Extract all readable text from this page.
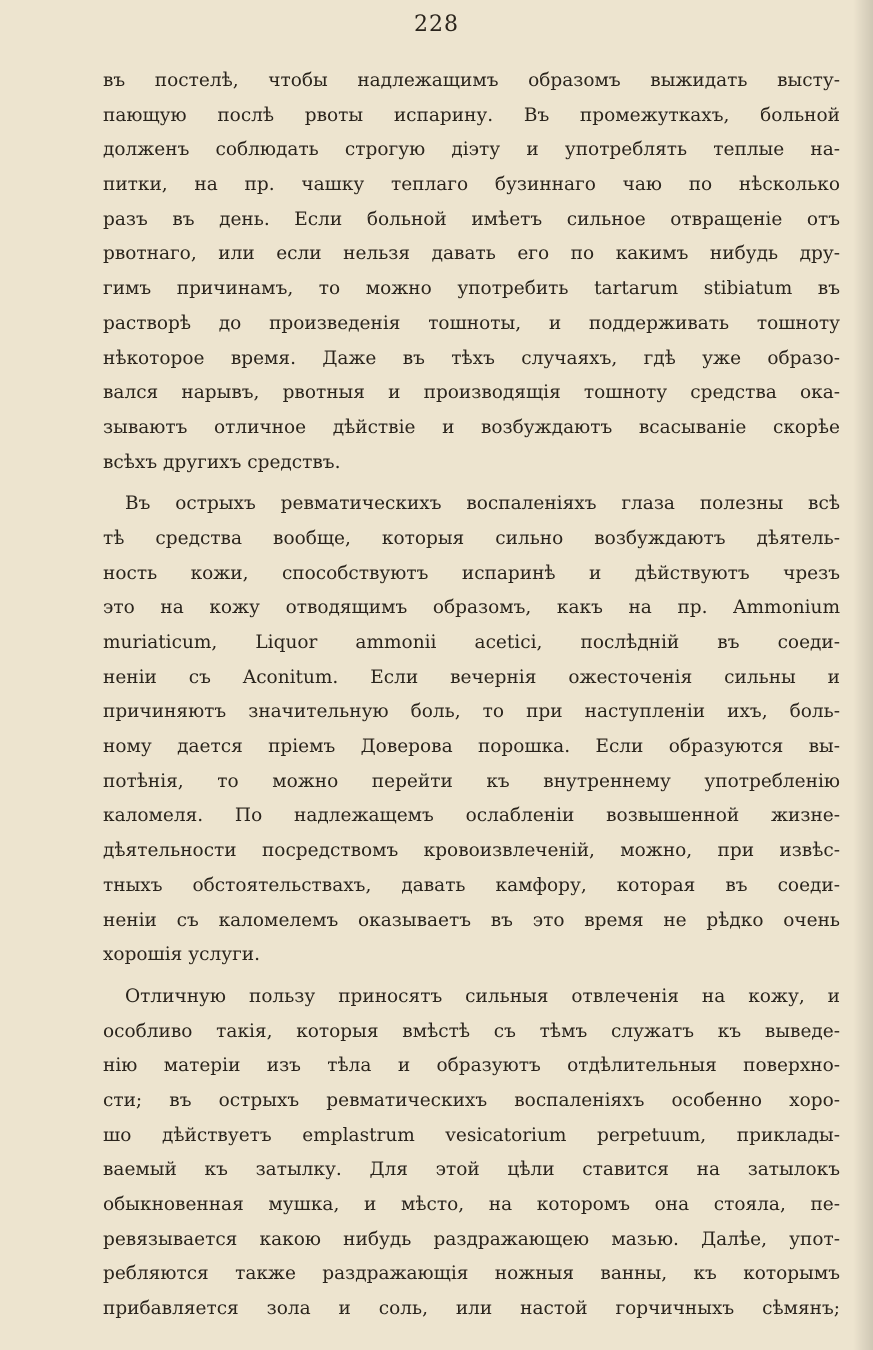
228

въ постелѣ, чтобы надлежащимъ образомъ выжидать высту-
пающую послѣ рвоты испарину. Въ промежуткахъ, больной
долженъ соблюдать строгую діэту и употреблять теплые на-
питки, на пр. чашку теплаго бузиннаго чаю по нѣсколько
разъ въ день. Если больной имѣетъ сильное отвращеніе отъ
рвотнаго, или если нельзя давать его по какимъ нибудь дру-
гимъ причинамъ, то можно употребить tartarum stibiatum въ
растворѣ до произведенія тошноты, и поддерживать тошноту
нѣкоторое время. Даже въ тѣхъ случаяхъ, гдѣ уже образо-
вался нарывъ, рвотныя и производящія тошноту средства ока-
зываютъ отличное дѣйствіе и возбуждаютъ всасываніе скорѣе
всѣхъ другихъ средствъ.
Въ острыхъ ревматическихъ воспаленіяхъ глаза полезны всѣ
тѣ средства вообще, которыя сильно возбуждаютъ дѣятель-
ность кожи, способствуютъ испаринѣ и дѣйствуютъ чрезъ
это на кожу отводящимъ образомъ, какъ на пр. Ammonium
muriaticum, Liquor ammonii acetici, послѣдній въ соеди-
неніи съ Aconitum. Если вечернія ожесточенія сильны и
причиняютъ значительную боль, то при наступленіи ихъ, боль-
ному дается пріемъ Доверова порошка. Если образуются вы-
потѣнія, то можно перейти къ внутреннему употребленію
каломеля. По надлежащемъ ослабленіи возвышенной жизне-
дѣятельности посредствомъ кровоизвлеченій, можно, при извѣс-
тныхъ обстоятельствахъ, давать камфору, которая въ соеди-
неніи съ каломелемъ оказываетъ въ это время не рѣдко очень
хорошія услуги.
Отличную пользу приносятъ сильныя отвлеченія на кожу, и
особливо такія, которыя вмѣстѣ съ тѣмъ служатъ къ выведе-
нію матеріи изъ тѣла и образуютъ отдѣлительныя поверхно-
сти; въ острыхъ ревматическихъ воспаленіяхъ особенно хоро-
шо дѣйствуетъ emplastrum vesicatorium perpetuum, приклады-
ваемый къ затылку. Для этой цѣли ставится на затылокъ
обыкновенная мушка, и мѣсто, на которомъ она стояла, пе-
ревязывается какою нибудь раздражающею мазью. Далѣе, упот-
ребляются также раздражающія ножныя ванны, къ которымъ
прибавляется зола и соль, или настой горчичныхъ сѣмянъ;
